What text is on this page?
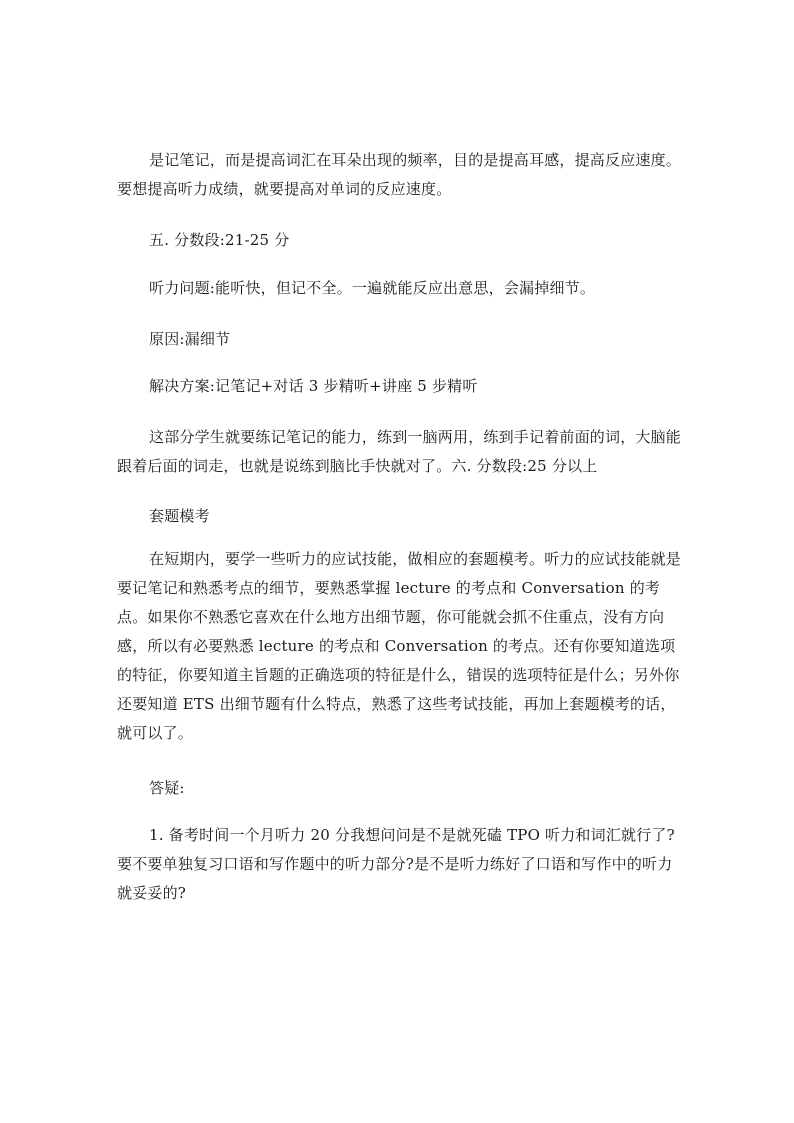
是记笔记，而是提高词汇在耳朵出现的频率，目的是提高耳感，提高反应速度。要想提高听力成绩，就要提高对单词的反应速度。

五. 分数段:21-25 分

听力问题:能听快，但记不全。一遍就能反应出意思，会漏掉细节。

原因:漏细节

解决方案:记笔记+对话 3 步精听+讲座 5 步精听

这部分学生就要练记笔记的能力，练到一脑两用，练到手记着前面的词，大脑能跟着后面的词走，也就是说练到脑比手快就对了。六. 分数段:25 分以上

套题模考

在短期内，要学一些听力的应试技能，做相应的套题模考。听力的应试技能就是要记笔记和熟悉考点的细节，要熟悉掌握 lecture 的考点和 Conversation 的考点。如果你不熟悉它喜欢在什么地方出细节题，你可能就会抓不住重点，没有方向感，所以有必要熟悉 lecture 的考点和 Conversation 的考点。还有你要知道选项的特征，你要知道主旨题的正确选项的特征是什么，错误的选项特征是什么；另外你还要知道 ETS 出细节题有什么特点，熟悉了这些考试技能，再加上套题模考的话，就可以了。

答疑:

1. 备考时间一个月听力 20 分我想问问是不是就死磕 TPO 听力和词汇就行了?要不要单独复习口语和写作题中的听力部分?是不是听力练好了口语和写作中的听力就妥妥的?
